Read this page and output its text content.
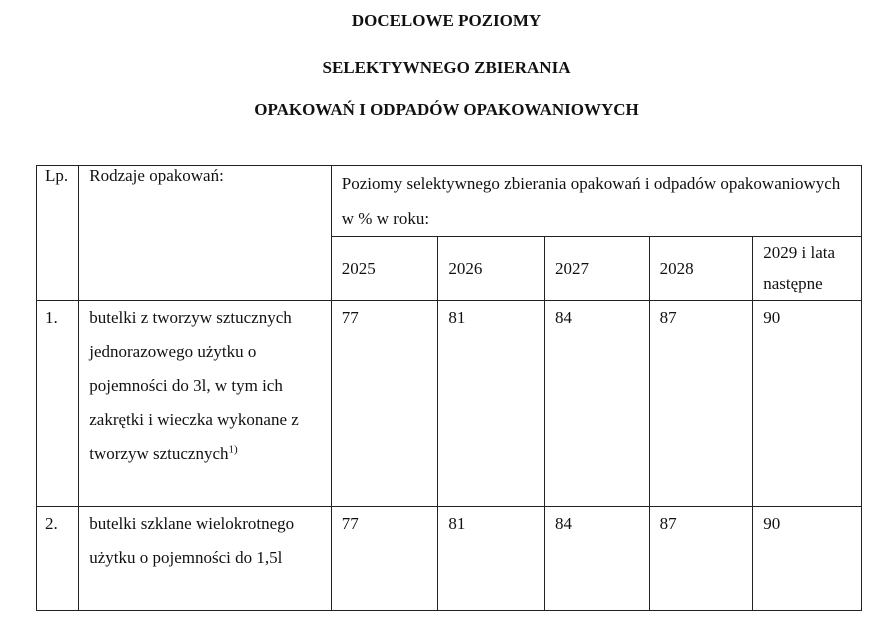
DOCELOWE POZIOMY
SELEKTYWNEGO ZBIERANIA
OPAKOWAŃ I ODPADÓW OPAKOWANIOWYCH
Lp.	Rodzaje opakowań:	Poziomy selektywnego zbierania opakowań i odpadów opakowaniowych w % w roku:				

		2025	2026	2027	2028	2029 i lata następne

1.	butelki z tworzyw sztucznych jednorazowego użytku o pojemności do 3l, w tym ich zakrętki i wieczka wykonane z tworzyw sztucznych$^{1)}$	77	81	84	87	90

2.	butelki szklane wielokrotnego użytku o pojemności do 1,5l	77	81	84	87	90
